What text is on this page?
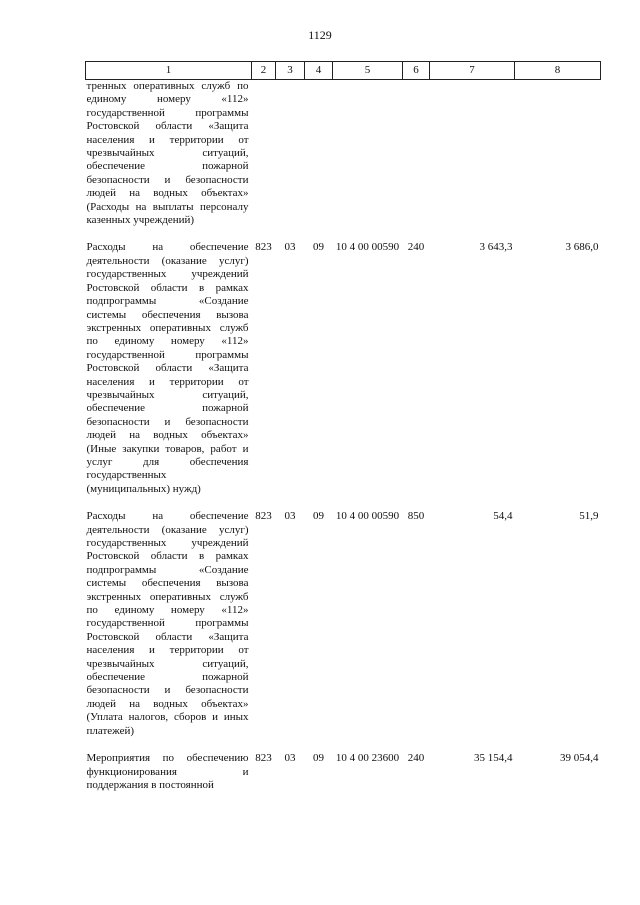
1129
1	2	3	4	5	6	7	8
тренных оперативных служб по единому номеру «112» государственной программы Ростовской области «Защита населения и территории от чрезвычайных ситуаций, обеспечение пожарной безопасности и безопасности людей на водных объектах» (Расходы на выплаты персоналу казенных учреждений)							

Расходы на обеспечение деятельности (оказание услуг) государственных учреждений Ростовской области в рамках подпрограммы «Создание системы обеспечения вызова экстренных оперативных служб по единому номеру «112» государственной программы Ростовской области «Защита населения и территории от чрезвычайных ситуаций, обеспечение пожарной безопасности и безопасности людей на водных объектах» (Иные закупки товаров, работ и услуг для обеспечения государственных (муниципальных) нужд)	823	03	09	10 4 00 00590	240	3 643,3	3 686,0

Расходы на обеспечение деятельности (оказание услуг) государственных учреждений Ростовской области в рамках подпрограммы «Создание системы обеспечения вызова экстренных оперативных служб по единому номеру «112» государственной программы Ростовской области «Защита населения и территории от чрезвычайных ситуаций, обеспечение пожарной безопасности и безопасности людей на водных объектах» (Уплата налогов, сборов и иных платежей)	823	03	09	10 4 00 00590	850	54,4	51,9

Мероприятия по обеспечению функционирования и поддержания в постоянной	823	03	09	10 4 00 23600	240	35 154,4	39 054,4
